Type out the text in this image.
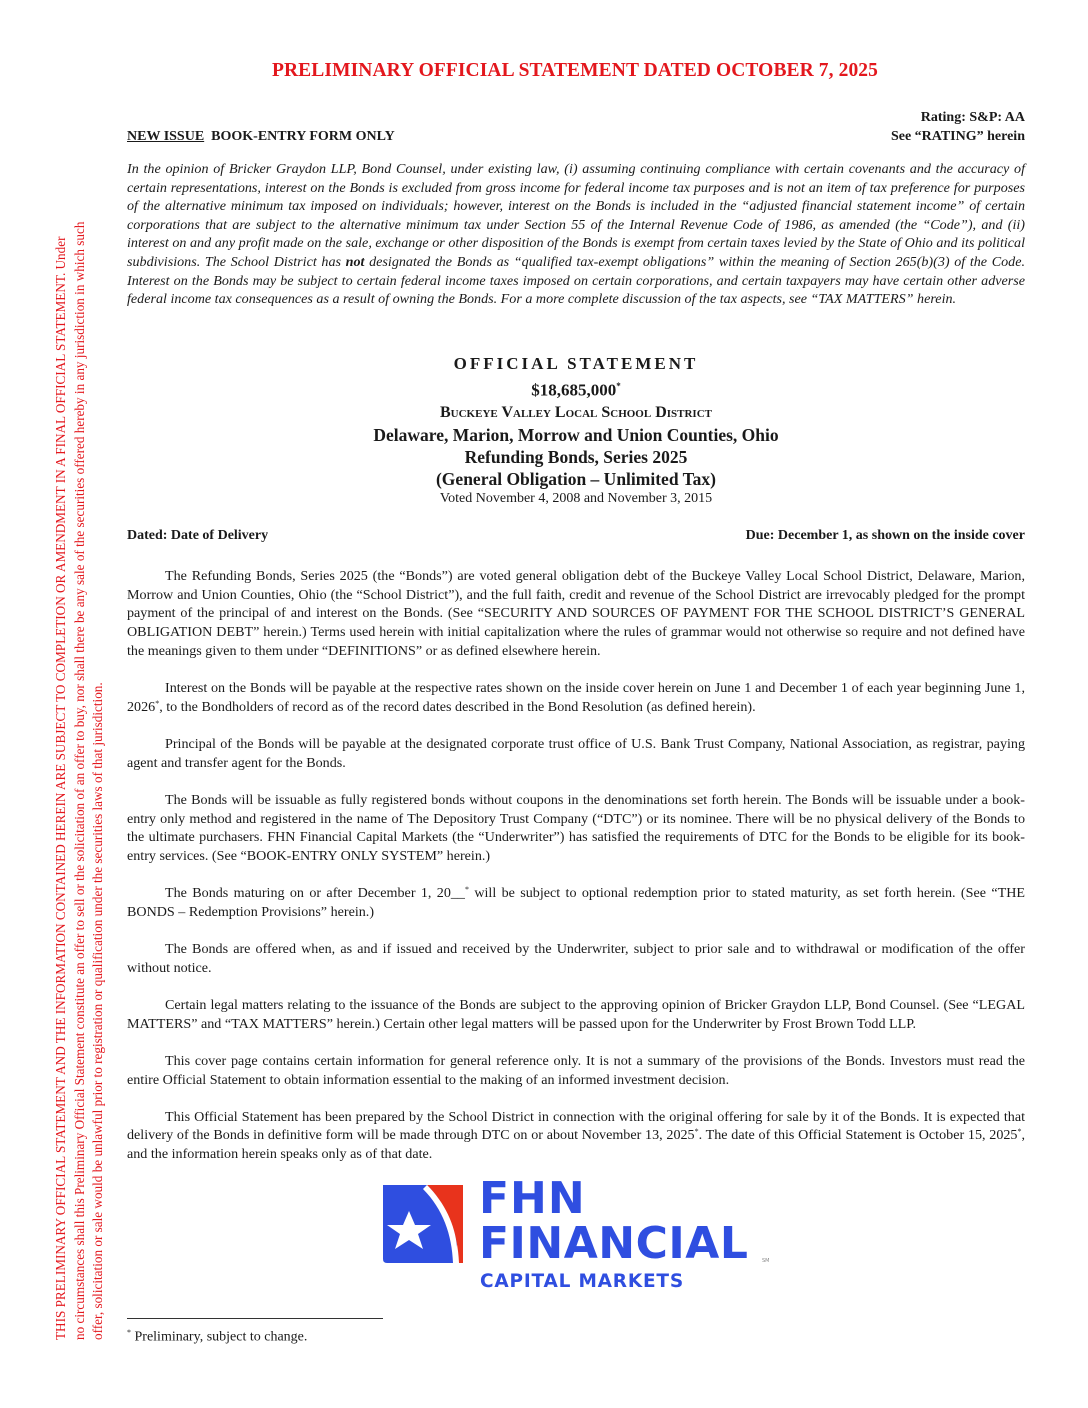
THIS PRELIMINARY OFFICIAL STATEMENT AND THE INFORMATION CONTAINED HEREIN ARE SUBJECT TO COMPLETION OR AMENDMENT IN A FINAL OFFICIAL STATEMENT. Under no circumstances shall this Preliminary Official Statement constitute an offer to sell or the solicitation of an offer to buy, nor shall there be any sale of the securities offered hereby in any jurisdiction in which such offer, solicitation or sale would be unlawful prior to registration or qualification under the securities laws of that jurisdiction.
PRELIMINARY OFFICIAL STATEMENT DATED OCTOBER 7, 2025
Rating: S&P: AA
NEW ISSUE BOOK-ENTRY FORM ONLY	See “RATING” herein
In the opinion of Bricker Graydon LLP, Bond Counsel, under existing law, (i) assuming continuing compliance with certain covenants and the accuracy of certain representations, interest on the Bonds is excluded from gross income for federal income tax purposes and is not an item of tax preference for purposes of the alternative minimum tax imposed on individuals; however, interest on the Bonds is included in the “adjusted financial statement income” of certain corporations that are subject to the alternative minimum tax under Section 55 of the Internal Revenue Code of 1986, as amended (the “Code”), and (ii) interest on and any profit made on the sale, exchange or other disposition of the Bonds is exempt from certain taxes levied by the State of Ohio and its political subdivisions. The School District has not designated the Bonds as “qualified tax-exempt obligations” within the meaning of Section 265(b)(3) of the Code. Interest on the Bonds may be subject to certain federal income taxes imposed on certain corporations, and certain taxpayers may have certain other adverse federal income tax consequences as a result of owning the Bonds. For a more complete discussion of the tax aspects, see “TAX MATTERS” herein.
OFFICIAL STATEMENT
$18,685,000*
Buckeye Valley Local School District
Delaware, Marion, Morrow and Union Counties, Ohio
Refunding Bonds, Series 2025
(General Obligation – Unlimited Tax)
Voted November 4, 2008 and November 3, 2015
Dated: Date of Delivery	Due: December 1, as shown on the inside cover

The Refunding Bonds, Series 2025 (the “Bonds”) are voted general obligation debt of the Buckeye Valley Local School District, Delaware, Marion, Morrow and Union Counties, Ohio (the “School District”), and the full faith, credit and revenue of the School District are irrevocably pledged for the prompt payment of the principal of and interest on the Bonds. (See “SECURITY AND SOURCES OF PAYMENT FOR THE SCHOOL DISTRICT’S GENERAL OBLIGATION DEBT” herein.) Terms used herein with initial capitalization where the rules of grammar would not otherwise so require and not defined have the meanings given to them under “DEFINITIONS” or as defined elsewhere herein.

Interest on the Bonds will be payable at the respective rates shown on the inside cover herein on June 1 and December 1 of each year beginning June 1, 2026*, to the Bondholders of record as of the record dates described in the Bond Resolution (as defined herein).

Principal of the Bonds will be payable at the designated corporate trust office of U.S. Bank Trust Company, National Association, as registrar, paying agent and transfer agent for the Bonds.

The Bonds will be issuable as fully registered bonds without coupons in the denominations set forth herein. The Bonds will be issuable under a book-entry only method and registered in the name of The Depository Trust Company (“DTC”) or its nominee. There will be no physical delivery of the Bonds to the ultimate purchasers. FHN Financial Capital Markets (the “Underwriter”) has satisfied the requirements of DTC for the Bonds to be eligible for its book-entry services. (See “BOOK-ENTRY ONLY SYSTEM” herein.)

The Bonds maturing on or after December 1, 20__* will be subject to optional redemption prior to stated maturity, as set forth herein. (See “THE BONDS – Redemption Provisions” herein.)

The Bonds are offered when, as and if issued and received by the Underwriter, subject to prior sale and to withdrawal or modification of the offer without notice.

Certain legal matters relating to the issuance of the Bonds are subject to the approving opinion of Bricker Graydon LLP, Bond Counsel. (See “LEGAL MATTERS” and “TAX MATTERS” herein.) Certain other legal matters will be passed upon for the Underwriter by Frost Brown Todd LLP.

This cover page contains certain information for general reference only. It is not a summary of the provisions of the Bonds. Investors must read the entire Official Statement to obtain information essential to the making of an informed investment decision.

This Official Statement has been prepared by the School District in connection with the original offering for sale by it of the Bonds. It is expected that delivery of the Bonds in definitive form will be made through DTC on or about November 13, 2025*. The date of this Official Statement is October 15, 2025*, and the information herein speaks only as of that date.

FHN
FINANCIAL	SM
CAPITAL MARKETS
* Preliminary, subject to change.
